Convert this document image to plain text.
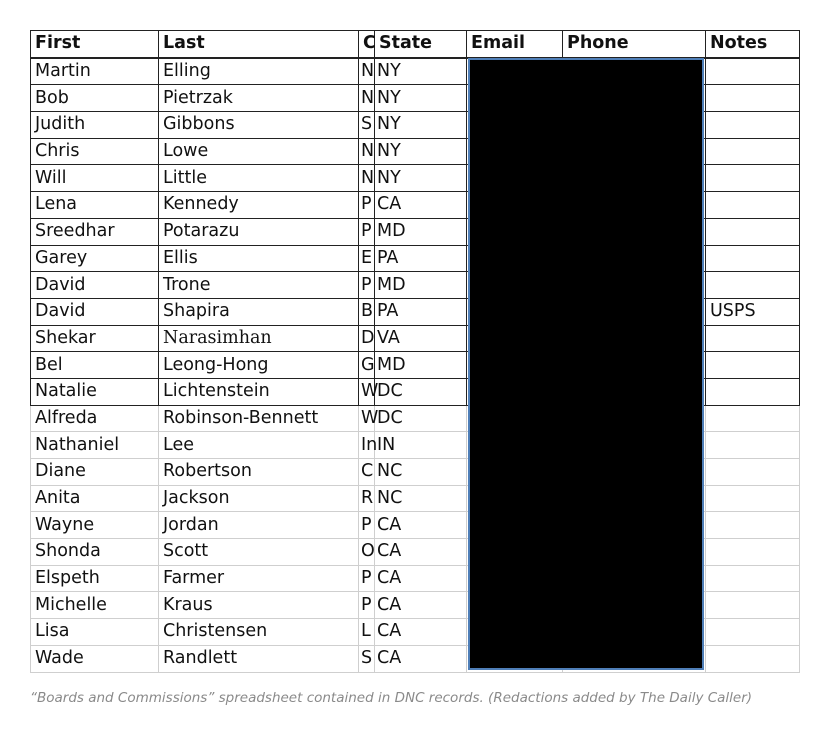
First	Last	C	State	Email	Phone	Notes
Martin	Elling	N	NY			
Bob	Pietrzak	N	NY			
Judith	Gibbons	S	NY			
Chris	Lowe	N	NY			
Will	Little	N	NY			
Lena	Kennedy	P	CA			
Sreedhar	Potarazu	P	MD			
Garey	Ellis	E	PA			
David	Trone	P	MD			
David	Shapira	B	PA			USPS
Shekar	Narasimhan	D	VA			
Bel	Leong-Hong	G	MD			
Natalie	Lichtenstein	W	DC			
Alfreda	Robinson-Bennett	W	DC			
Nathaniel	Lee	In	IN			
Diane	Robertson	C	NC			
Anita	Jackson	R	NC			
Wayne	Jordan	P	CA			
Shonda	Scott	O	CA			
Elspeth	Farmer	P	CA			
Michelle	Kraus	P	CA			
Lisa	Christensen	L	CA			
Wade	Randlett	S	CA			
“Boards and Commissions” spreadsheet contained in DNC records. (Redactions added by The Daily Caller)
